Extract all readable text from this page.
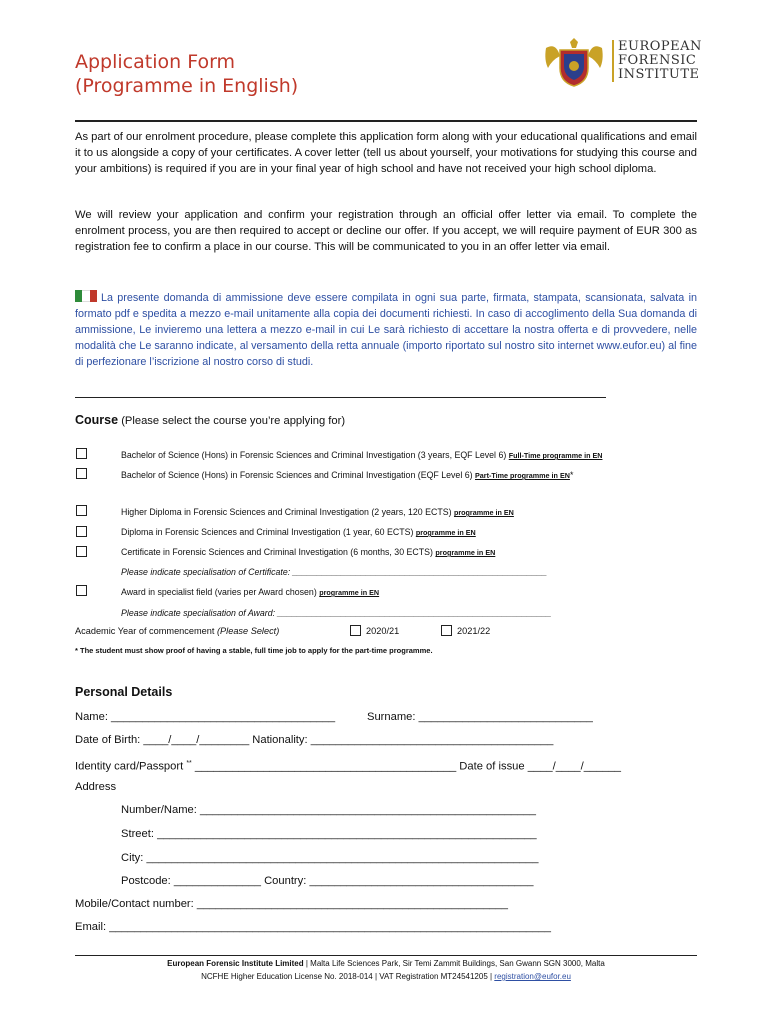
Application Form
(Programme in English)
EUROPEAN
FORENSIC
INSTITUTE
As part of our enrolment procedure, please complete this application form along with your educational qualifications and email it to us alongside a copy of your certificates. A cover letter (tell us about yourself, your motivations for studying this course and your ambitions) is required if you are in your final year of high school and have not received your high school diploma.
We will review your application and confirm your registration through an official offer letter via email. To complete the enrolment process, you are then required to accept or decline our offer. If you accept, we will require payment of EUR 300 as registration fee to confirm a place in our course. This will be communicated to you in an offer letter via email.
La presente domanda di ammissione deve essere compilata in ogni sua parte, firmata, stampata, scansionata, salvata in formato pdf e spedita a mezzo e-mail unitamente alla copia dei documenti richiesti. In caso di accoglimento della Sua domanda di ammissione, Le invieremo una lettera a mezzo e-mail in cui Le sarà richiesto di accettare la nostra offerta e di provvedere, nelle modalità che Le saranno indicate, al versamento della retta annuale (importo riportato sul nostro sito internet www.eufor.eu) al fine di perfezionare l’iscrizione al nostro corso di studi.
Course (Please select the course you’re applying for)
Bachelor of Science (Hons) in Forensic Sciences and Criminal Investigation (3 years, EQF Level 6) Full-Time programme in EN
Bachelor of Science (Hons) in Forensic Sciences and Criminal Investigation (EQF Level 6) Part-Time programme in EN*
Higher Diploma in Forensic Sciences and Criminal Investigation (2 years, 120 ECTS) programme in EN
Diploma in Forensic Sciences and Criminal Investigation (1 year, 60 ECTS) programme in EN
Certificate in Forensic Sciences and Criminal Investigation (6 months, 30 ECTS) programme in EN
Please indicate specialisation of Certificate: ____________________________________________________
Award in specialist field (varies per Award chosen) programme in EN
Please indicate specialisation of Award: ________________________________________________________
Academic Year of commencement (Please Select)	2020/21	2021/22
* The student must show proof of having a stable, full time job to apply for the part-time programme.
Personal Details
Name: ____________________________________	Surname: ____________________________
Date of Birth: ____/____/________ Nationality: _______________________________________
Identity card/Passport ** __________________________________________ Date of issue ____/____/______
Address
Number/Name: ______________________________________________________
Street: _____________________________________________________________
City: _______________________________________________________________
Postcode: ______________ Country: ____________________________________
Mobile/Contact number: __________________________________________________
Email: _______________________________________________________________________
European Forensic Institute Limited | Malta Life Sciences Park, Sir Temi Zammit Buildings, San Gwann SGN 3000, Malta
NCFHE Higher Education License No. 2018-014 | VAT Registration MT24541205 | registration@eufor.eu
